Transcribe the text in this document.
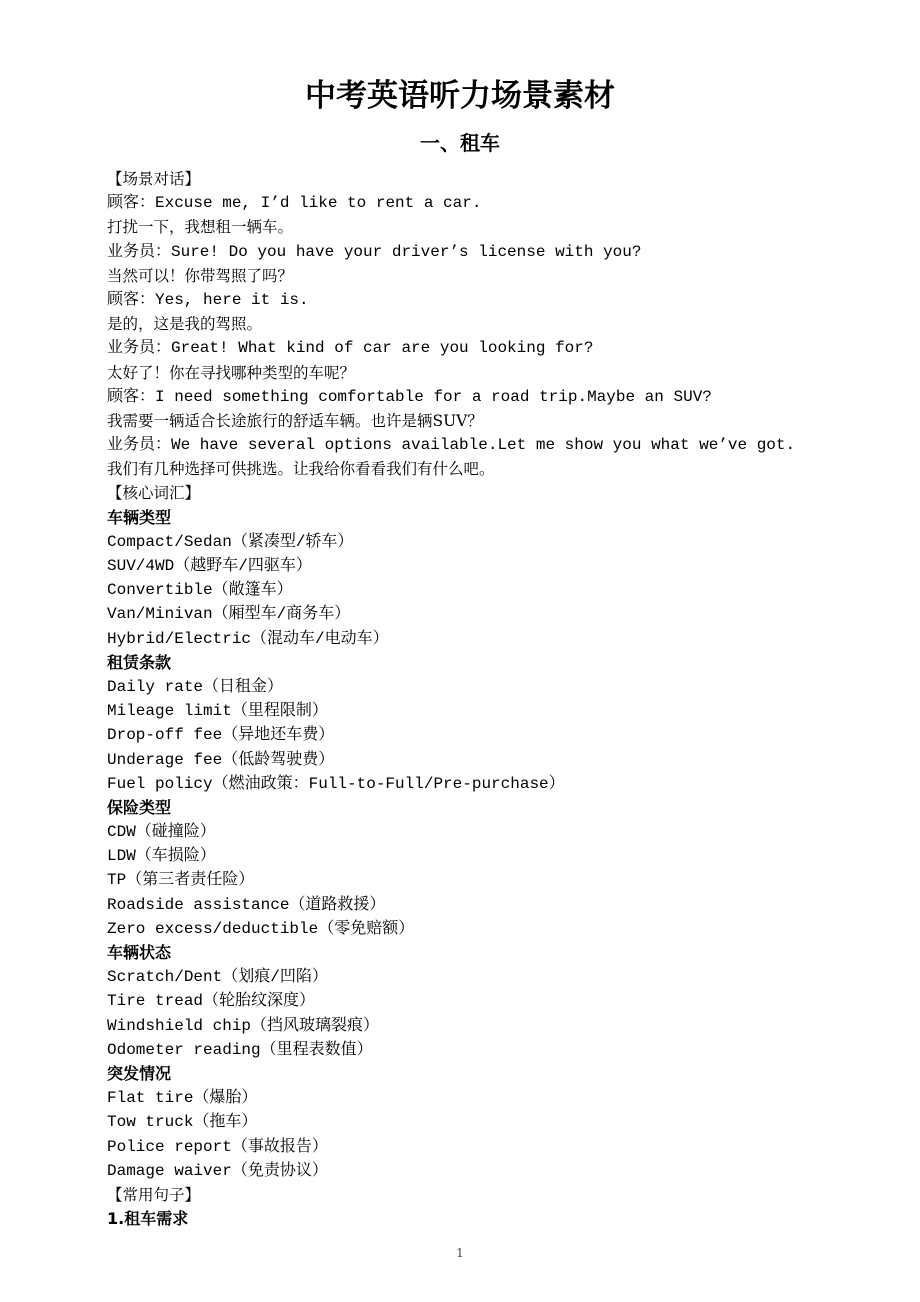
中考英语听力场景素材
一、租车
【场景对话】
顾客：Excuse me, I’d like to rent a car.
打扰一下，我想租一辆车。
业务员：Sure! Do you have your driver’s license with you?
当然可以！你带驾照了吗？
顾客：Yes, here it is.
是的，这是我的驾照。
业务员：Great! What kind of car are you looking for?
太好了！你在寻找哪种类型的车呢？
顾客：I need something comfortable for a road trip.Maybe an SUV?
我需要一辆适合长途旅行的舒适车辆。也许是辆SUV？
业务员：We have several options available.Let me show you what we’ve got.
我们有几种选择可供挑选。让我给你看看我们有什么吧。
【核心词汇】
车辆类型
Compact/Sedan（紧凑型/轿车）
SUV/4WD（越野车/四驱车）
Convertible（敞篷车）
Van/Minivan（厢型车/商务车）
Hybrid/Electric（混动车/电动车）
租赁条款
Daily rate（日租金）
Mileage limit（里程限制）
Drop-off fee（异地还车费）
Underage fee（低龄驾驶费）
Fuel policy（燃油政策：Full-to-Full/Pre-purchase）
保险类型
CDW（碰撞险）
LDW（车损险）
TP（第三者责任险）
Roadside assistance（道路救援）
Zero excess/deductible（零免赔额）
车辆状态
Scratch/Dent（划痕/凹陷）
Tire tread（轮胎纹深度）
Windshield chip（挡风玻璃裂痕）
Odometer reading（里程表数值）
突发情况
Flat tire（爆胎）
Tow truck（拖车）
Police report（事故报告）
Damage waiver（免责协议）
【常用句子】
1.租车需求
1
